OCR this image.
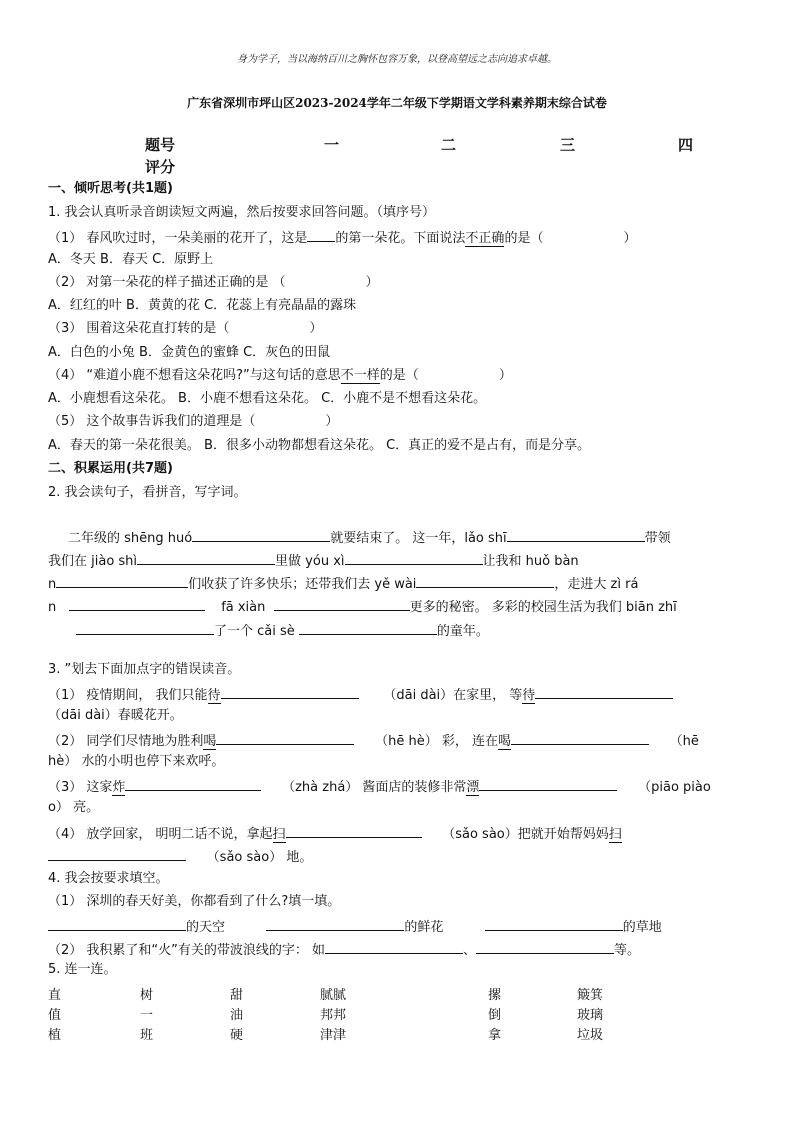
身为学子，当以海纳百川之胸怀包容万象，以登高望远之志向追求卓越。
广东省深圳市坪山区2023-2024学年二年级下学期语文学科素养期末综合试卷
题号	一	二	三	四
评分
一、倾听思考(共1题)
1. 我会认真听录音朗读短文两遍，然后按要求回答问题。（填序号）
（1） 春风吹过时，一朵美丽的花开了，这是 的第一朵花。下面说法不正确的是（	）
A．冬天 B．春天 C．原野上
（2） 对第一朵花的样子描述正确的是 （	）
A．红红的叶 B．黄黄的花 C．花蕊上有亮晶晶的露珠
（3） 围着这朵花直打转的是（	）
A．白色的小兔 B．金黄色的蜜蜂 C．灰色的田鼠
（4） “难道小鹿不想看这朵花吗?”与这句话的意思不一样的是（	）
A．小鹿想看这朵花。 B．小鹿不想看这朵花。 C．小鹿不是不想看这朵花。
（5） 这个故事告诉我们的道理是（	）
A．春天的第一朵花很美。 B．很多小动物都想看这朵花。 C．真正的爱不是占有，而是分享。
二、积累运用(共7题)
2. 我会读句子，看拼音，写字词。
二年级的 shēng huó	就要结束了。 这一年，lǎo shī	带领
我们在 jiào shì	里做 yóu xì	让我和 huǒ bàn
n	们收获了许多快乐；还带我们去 yě wài	，走进大 zì rá
n	fā xiàn	更多的秘密。 多彩的校园生活为我们 biān zhī
了一个 cǎi sè	的童年。
3. ”划去下面加点字的错误读音。
（1） 疫情期间， 我们只能待	（dāi dài）在家里， 等待
（dāi dài）春暖花开。
（2） 同学们尽情地为胜利喝	（hē hè） 彩， 连在喝	（hē
hè） 水的小明也停下来欢呼。
（3） 这家炸	（zhà zhá） 酱面店的装修非常漂	（piāo piào
o） 亮。
（4） 放学回家， 明明二话不说，拿起扫	（sǎo sào）把就开始帮妈妈扫
（sǎo sào） 地。
4. 我会按要求填空。
（1） 深圳的春天好美，你都看到了什么?填一填。
的天空	的鲜花	的草地
（2） 我积累了和“火”有关的带波浪线的字： 如	、	等。
5. 连一连。
直	树	甜	腻腻	摞	簸箕
值	一	油	邦邦	倒	玻璃
植	班	硬	津津	拿	垃圾
